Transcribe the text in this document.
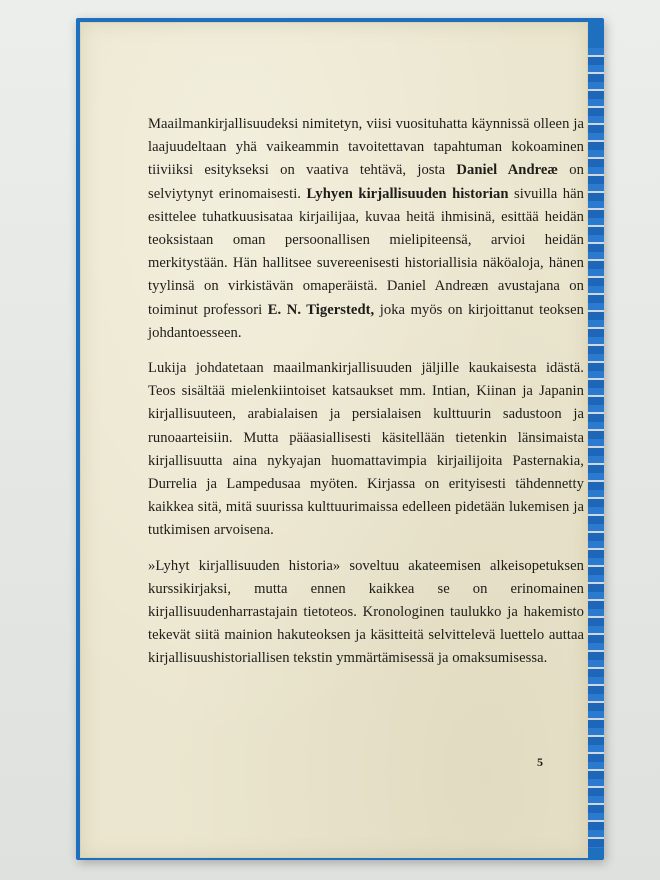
Maailmankirjallisuudeksi nimitetyn, viisi vuosituhatta käynnissä olleen ja laajuudeltaan yhä vaikeammin tavoitettavan tapahtuman kokoaminen tiiviiksi esitykseksi on vaativa tehtävä, josta Daniel Andreæ on selviytynyt erinomaisesti. Lyhyen kirjallisuuden historian sivuilla hän esittelee tuhatkuusisataa kirjailijaa, kuvaa heitä ihmisinä, esittää heidän teoksistaan oman persoonallisen mielipiteensä, arvioi heidän merkitystään. Hän hallitsee suvereenisesti historiallisia näköaloja, hänen tyylinsä on virkistävän omaperäistä. Daniel Andreæn avustajana on toiminut professori E. N. Tigerstedt, joka myös on kirjoittanut teoksen johdantoesseen.

Lukija johdatetaan maailmankirjallisuuden jäljille kaukaisesta idästä. Teos sisältää mielenkiintoiset katsaukset mm. Intian, Kiinan ja Japanin kirjallisuuteen, arabialaisen ja persialaisen kulttuurin sadustoon ja runoaarteisiin. Mutta pääasiallisesti käsitellään tietenkin länsimaista kirjallisuutta aina nykyajan huomattavimpia kirjailijoita Pasternakia, Durrelia ja Lampedusaa myöten. Kirjassa on erityisesti tähdennetty kaikkea sitä, mitä suurissa kulttuurimaissa edelleen pidetään lukemisen ja tutkimisen arvoisena.

»Lyhyt kirjallisuuden historia» soveltuu akateemisen alkeisopetuksen kurssikirjaksi, mutta ennen kaikkea se on erinomainen kirjallisuudenharrastajain tietoteos. Kronologinen taulukko ja hakemisto tekevät siitä mainion hakuteoksen ja käsitteitä selvittelevä luettelo auttaa kirjallisuushistoriallisen tekstin ymmärtämisessä ja omaksumisessa.

5
